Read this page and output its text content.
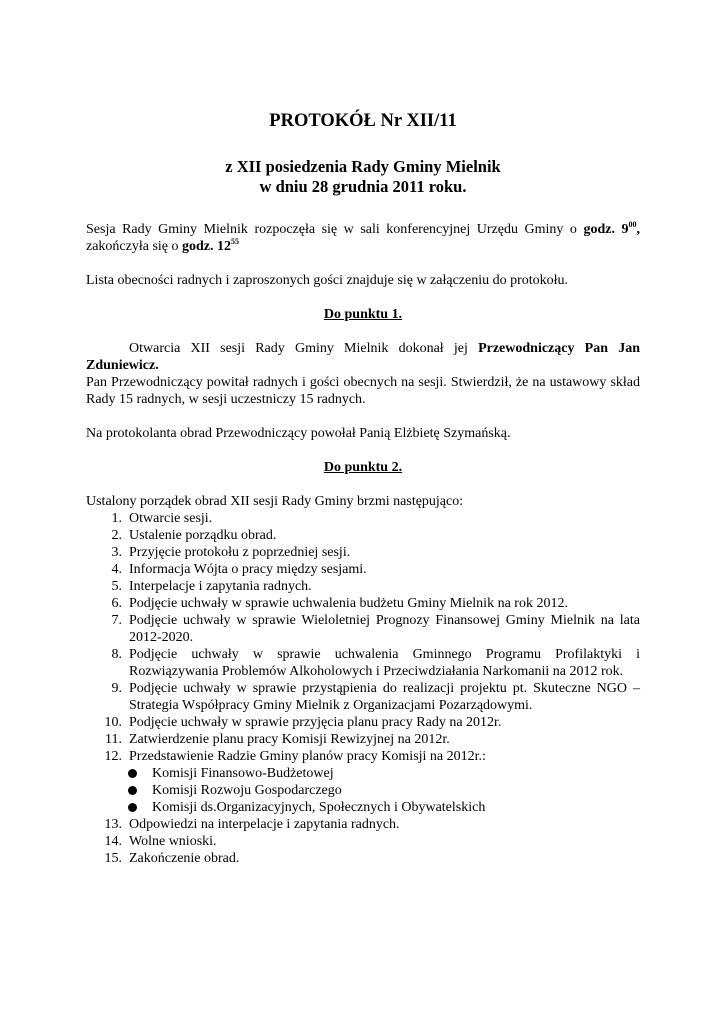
PROTOKÓŁ Nr XII/11
z XII posiedzenia Rady Gminy Mielnik
w dniu 28 grudnia 2011 roku.

Sesja Rady Gminy Mielnik rozpoczęła się w sali konferencyjnej Urzędu Gminy o godz. $9^{00}$, zakończyła się o godz. $12^{55}$

Lista obecności radnych i zaproszonych gości znajduje się w załączeniu do protokołu.

Do punktu 1.

Otwarcia XII sesji Rady Gminy Mielnik dokonał jej Przewodniczący Pan Jan Zduniewicz.

Pan Przewodniczący powitał radnych i gości obecnych na sesji. Stwierdził, że na ustawowy skład Rady 15 radnych, w sesji uczestniczy 15 radnych.

Na protokolanta obrad Przewodniczący powołał Panią Elżbietę Szymańską.

Do punktu 2.

Ustalony porządek obrad XII sesji Rady Gminy brzmi następująco:

1. Otwarcie sesji.
2. Ustalenie porządku obrad.
3. Przyjęcie protokołu z poprzedniej sesji.
4. Informacja Wójta o pracy między sesjami.
5. Interpelacje i zapytania radnych.
6. Podjęcie uchwały w sprawie uchwalenia budżetu Gminy Mielnik na rok 2012.
7. Podjęcie uchwały w sprawie Wieloletniej Prognozy Finansowej Gminy Mielnik na lata 2012-2020.
8. Podjęcie uchwały w sprawie uchwalenia Gminnego Programu Profilaktyki i Rozwiązywania Problemów Alkoholowych i Przeciwdziałania Narkomanii na 2012 rok.
9. Podjęcie uchwały w sprawie przystąpienia do realizacji projektu pt. Skuteczne NGO – Strategia Współpracy Gminy Mielnik z Organizacjami Pozarządowymi.
10. Podjęcie uchwały w sprawie przyjęcia planu pracy Rady na 2012r.
11. Zatwierdzenie planu pracy Komisji Rewizyjnej na 2012r.
12. Przedstawienie Radzie Gminy planów pracy Komisji na 2012r.:
Komisji Finansowo-Budżetowej
Komisji Rozwoju Gospodarczego
Komisji ds.Organizacyjnych, Społecznych i Obywatelskich
13. Odpowiedzi na interpelacje i zapytania radnych.
14. Wolne wnioski.
15. Zakończenie obrad.
